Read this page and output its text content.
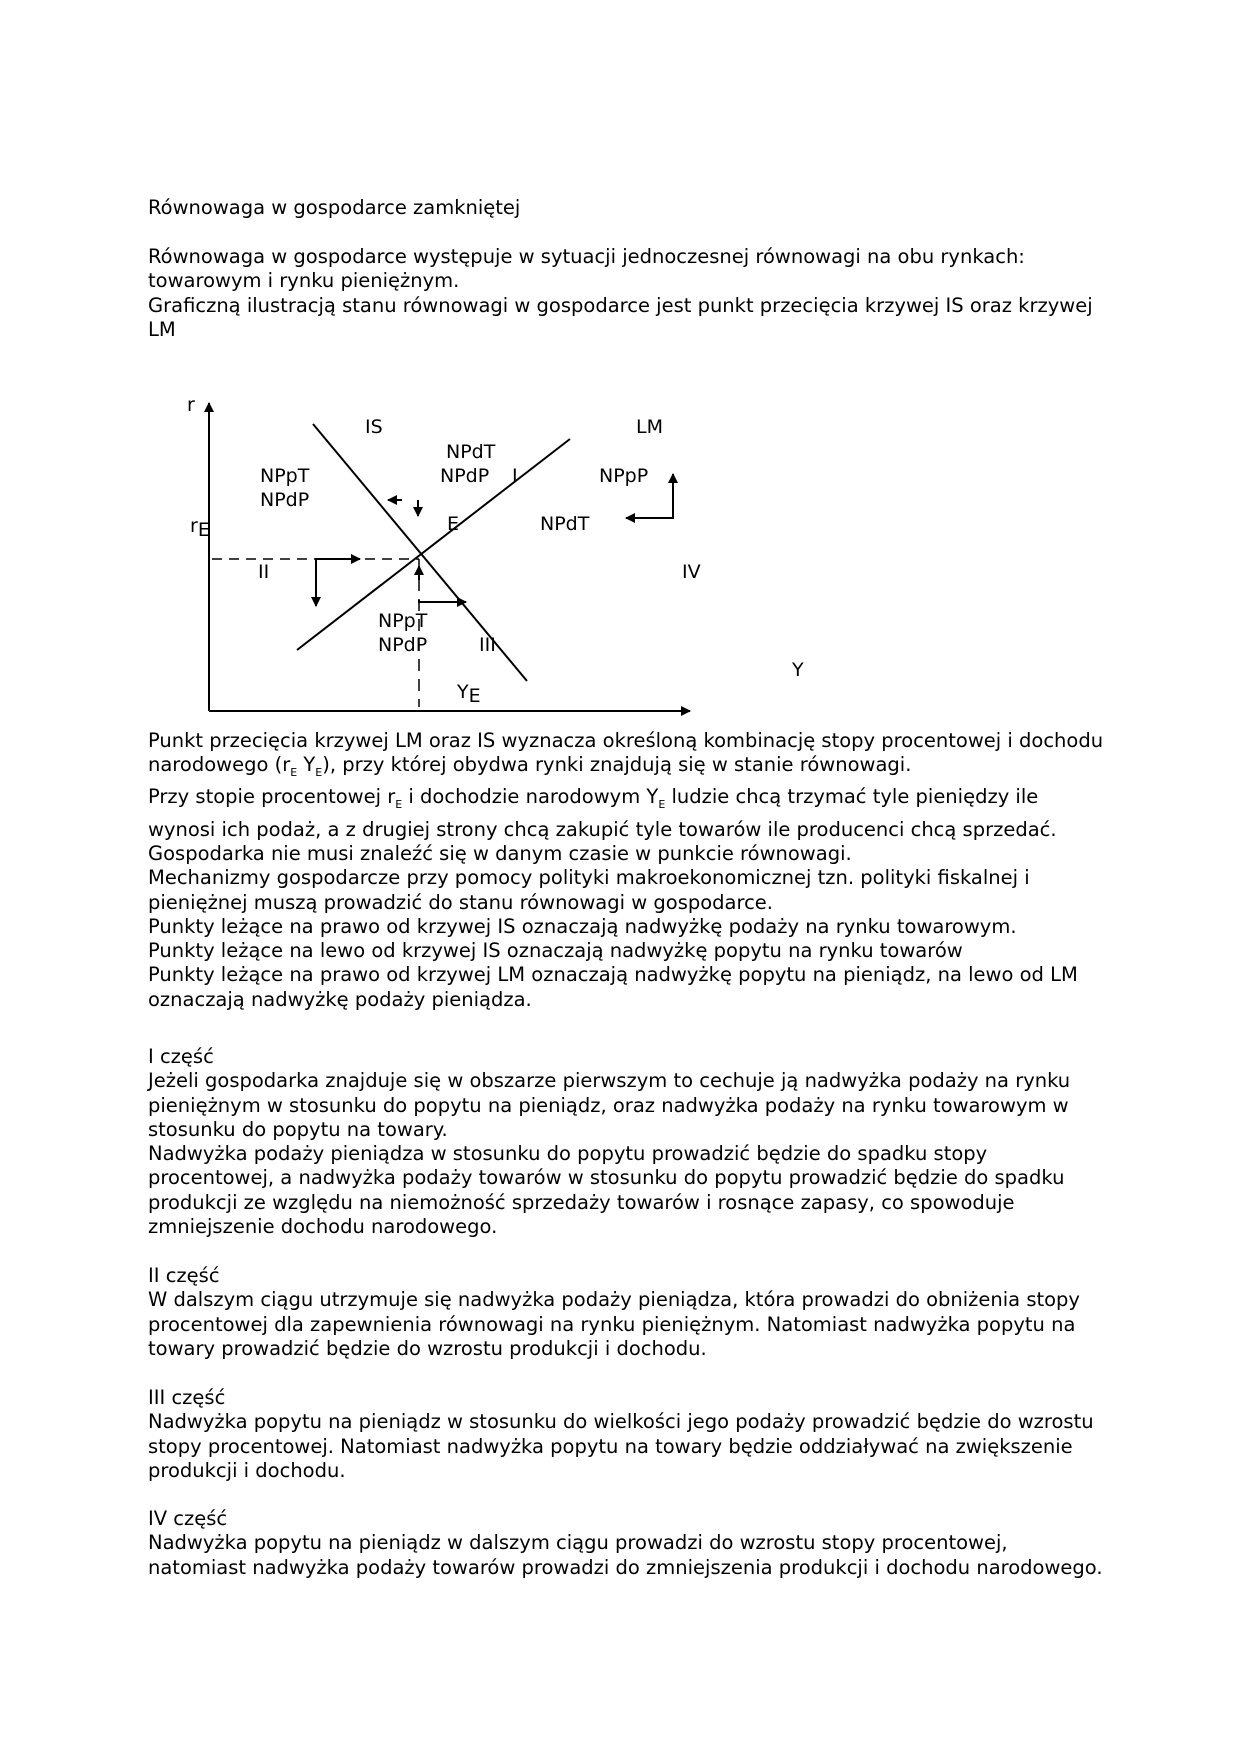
Równowaga w gospodarce zamkniętej

Równowaga w gospodarce występuje w sytuacji jednoczesnej równowagi na obu rynkach: towarowym i rynku pieniężnym.

Graficzną ilustracją stanu równowagi w gospodarce jest punkt przecięcia krzywej IS oraz krzywej LM

r
Y
rE
YE
IS	LM
E
I
II
III
IV
NPpT
NPdP
NPdT
NPdP	NPpP
NPdT
NPpT
NPdP

Punkt przecięcia krzywej LM oraz IS wyznacza określoną kombinację stopy procentowej i dochodu narodowego ($r_E$ $Y_E$), przy której obydwa rynki znajdują się w stanie równowagi.

Przy stopie procentowej $r_E$ i dochodzie narodowym $Y_E$ ludzie chcą trzymać tyle pieniędzy ile wynosi ich podaż, a z drugiej strony chcą zakupić tyle towarów ile producenci chcą sprzedać.

Gospodarka nie musi znaleźć się w danym czasie w punkcie równowagi.

Mechanizmy gospodarcze przy pomocy polityki makroekonomicznej tzn. polityki fiskalnej i pieniężnej muszą prowadzić do stanu równowagi w gospodarce.

Punkty leżące na prawo od krzywej IS oznaczają nadwyżkę podaży na rynku towarowym.

Punkty leżące na lewo od krzywej IS oznaczają nadwyżkę popytu na rynku towarów

Punkty leżące na prawo od krzywej LM oznaczają nadwyżkę popytu na pieniądz, na lewo od LM oznaczają nadwyżkę podaży pieniądza.

I część

Jeżeli gospodarka znajduje się w obszarze pierwszym to cechuje ją nadwyżka podaży na rynku pieniężnym w stosunku do popytu na pieniądz, oraz nadwyżka podaży na rynku towarowym w stosunku do popytu na towary.

Nadwyżka podaży pieniądza w stosunku do popytu prowadzić będzie do spadku stopy procentowej, a nadwyżka podaży towarów w stosunku do popytu prowadzić będzie do spadku produkcji ze względu na niemożność sprzedaży towarów i rosnące zapasy, co spowoduje zmniejszenie dochodu narodowego.

II część

W dalszym ciągu utrzymuje się nadwyżka podaży pieniądza, która prowadzi do obniżenia stopy procentowej dla zapewnienia równowagi na rynku pieniężnym. Natomiast nadwyżka popytu na towary prowadzić będzie do wzrostu produkcji i dochodu.

III część

Nadwyżka popytu na pieniądz w stosunku do wielkości jego podaży prowadzić będzie do wzrostu stopy procentowej. Natomiast nadwyżka popytu na towary będzie oddziaływać na zwiększenie produkcji i dochodu.

IV część

Nadwyżka popytu na pieniądz w dalszym ciągu prowadzi do wzrostu stopy procentowej, natomiast nadwyżka podaży towarów prowadzi do zmniejszenia produkcji i dochodu narodowego.
